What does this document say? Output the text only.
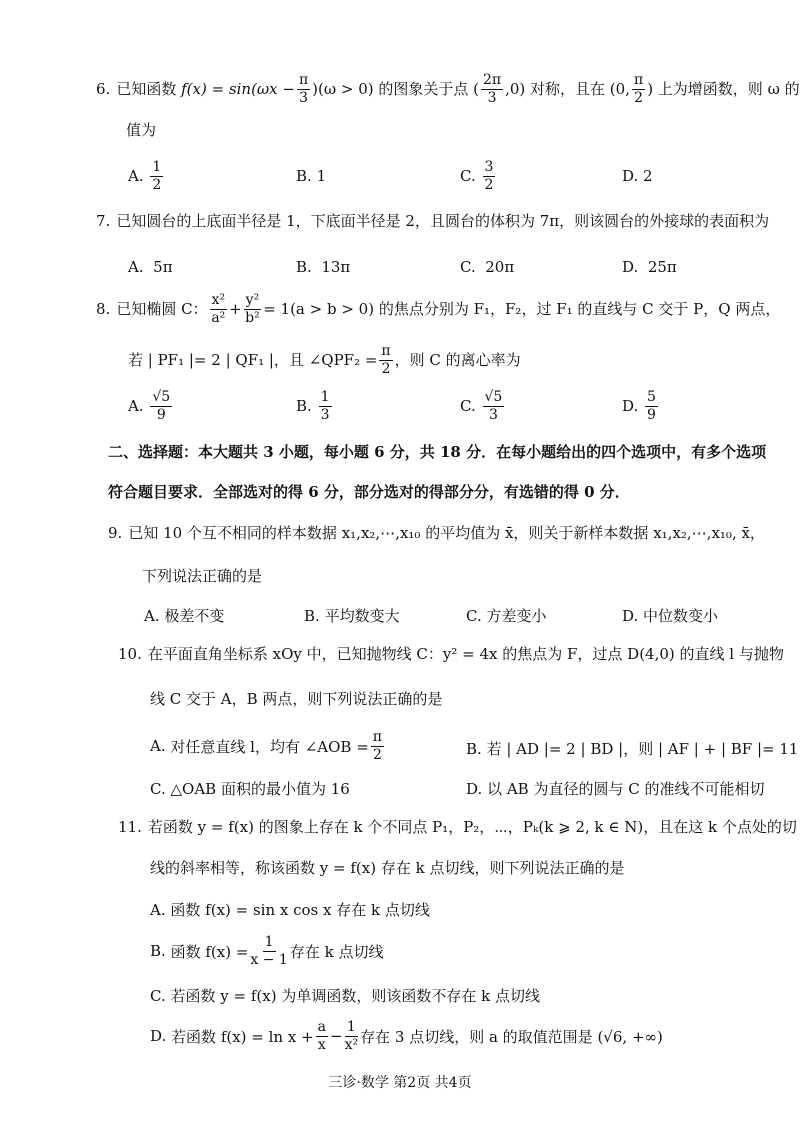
6. 已知函数
$f(x) = \sin(\omega x - \frac{\pi}{3} )(\omega > 0)$ 的图象关于点 ( $\frac{2\pi}{3} ,0$) 对称，且在 (0, $\frac{\pi}{2}$ ) 上为增函数，则 ω 的
值为
A.
$\frac{1}{2}$	B.
1	C.
$\frac{3}{2}$	D.
2
7. 已知圆台的上底面半径是 1，下底面半径是 2，且圆台的体积为 7π，则该圆台的外接球的表面积为
A.
5π	B.
13π	C.
20π	D.
25π
8. 已知椭圆 C： $\frac{\text{x²}}{\text{a²}} + \frac{\text{y²}}{\text{b²}} = 1(a > b > 0)$ 的焦点分别为 F₁，F₂，过 F₁ 的直线与 C 交于 P，Q 两点，
若 | PF₁ |= 2 | QF₁ |，且 ∠QPF₂ = $\frac{\pi}{2}$ ，则 C 的离心率为
A.
$\frac{√5}{9}$	B.
$\frac{1}{3}$	C.
$\frac{√5}{3}$	D.
$\frac{5}{9}$
二、选择题：本大题共 3 小题，每小题 6 分，共 18 分．在每小题给出的四个选项中，有多个选项
符合题目要求．全部选对的得 6 分，部分选对的得部分分，有选错的得 0 分．
9. 已知 10 个互不相同的样本数据 x₁,x₂,⋯,x₁₀ 的平均值为 x̄，则关于新样本数据 x₁,x₂,⋯,x₁₀, x̄，
下列说法正确的是
A.
极差不变	B.
平均数变大	C.
方差变小	D.
中位数变小
10. 在平面直角坐标系 xOy 中，已知抛物线 C：y² = 4x 的焦点为 F，过点 D(4,0) 的直线 l 与抛物
线 C 交于 A，B 两点，则下列说法正确的是
A.
对任意直线 l，均有 ∠AOB = $\frac{\pi}{2}$	B.
若 | AD |= 2 | BD |，则 | AF | + | BF |= 11
C.
△OAB 面积的最小值为 16	D.
以 AB 为直径的圆与 C 的准线不可能相切
11. 若函数 y = f(x) 的图象上存在 k 个不同点 P₁，P₂，⋯，Pₖ(k ⩾ 2, k ∈ N)，且在这 k 个点处的切
线的斜率相等，称该函数 y = f(x) 存在 k 点切线，则下列说法正确的是
A.
函数 f(x) = sin x cos x 存在 k 点切线
B.
函数 $f(x) = \frac{1}{x - 1}$ 存在 k 点切线
C.
若函数 y = f(x) 为单调函数，则该函数不存在 k 点切线
D.
若函数 $f(x) = \ln x + \frac{a}{x} - \frac{1}{\text{x²}}$ 存在 3 点切线，则 a 的取值范围是 (√6, +∞)
三诊·数学 第2页 共4页
